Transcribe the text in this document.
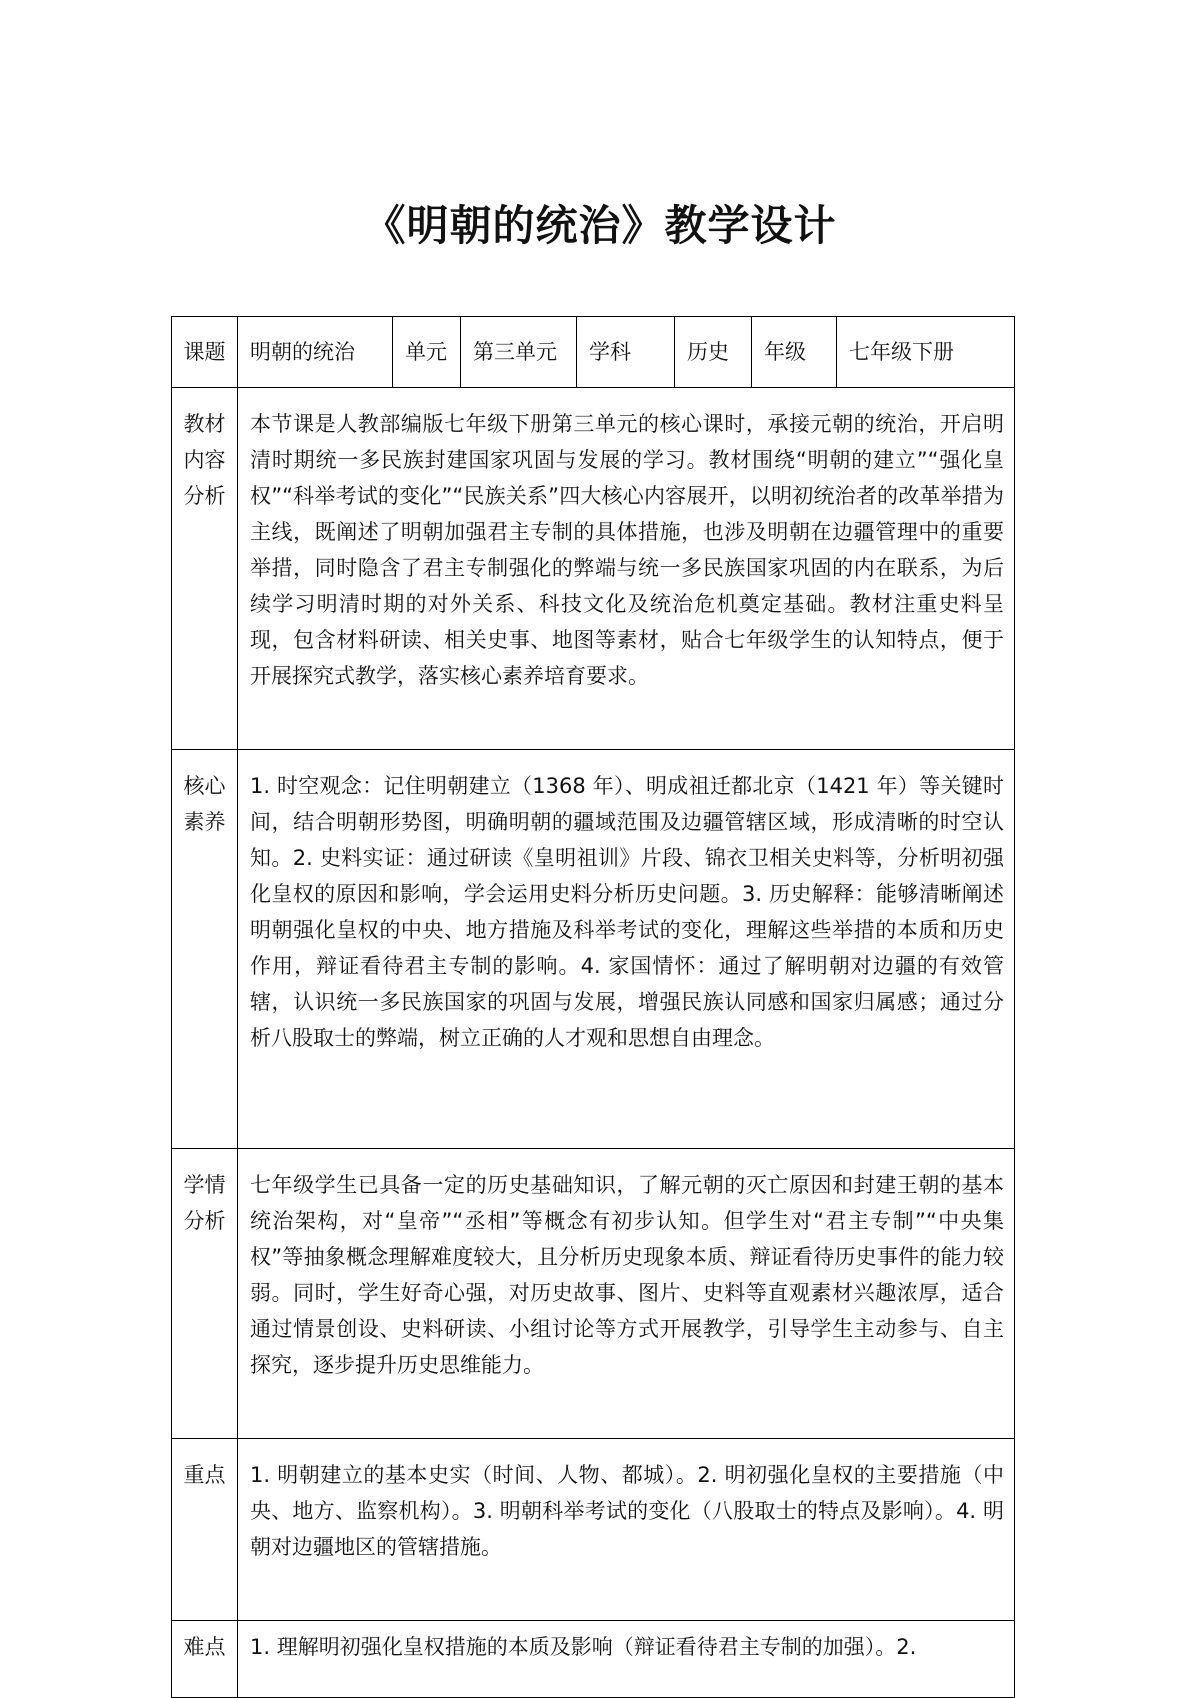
《明朝的统治》教学设计
课题	明朝的统治	单元	第三单元	学科	历史	年级	七年级下册
教材内容分析	本节课是人教部编版七年级下册第三单元的核心课时，承接元朝的统治，开启明清时期统一多民族封建国家巩固与发展的学习。教材围绕“明朝的建立”“强化皇权”“科举考试的变化”“民族关系”四大核心内容展开，以明初统治者的改革举措为主线，既阐述了明朝加强君主专制的具体措施，也涉及明朝在边疆管理中的重要举措，同时隐含了君主专制强化的弊端与统一多民族国家巩固的内在联系，为后续学习明清时期的对外关系、科技文化及统治危机奠定基础。教材注重史料呈现，包含材料研读、相关史事、地图等素材，贴合七年级学生的认知特点，便于开展探究式教学，落实核心素养培育要求。						

核心素养	1. 时空观念：记住明朝建立（1368 年）、明成祖迁都北京（1421 年）等关键时间，结合明朝形势图，明确明朝的疆域范围及边疆管辖区域，形成清晰的时空认知。2. 史料实证：通过研读《皇明祖训》片段、锦衣卫相关史料等，分析明初强化皇权的原因和影响，学会运用史料分析历史问题。3. 历史解释：能够清晰阐述明朝强化皇权的中央、地方措施及科举考试的变化，理解这些举措的本质和历史作用，辩证看待君主专制的影响。4. 家国情怀：通过了解明朝对边疆的有效管辖，认识统一多民族国家的巩固与发展，增强民族认同感和国家归属感；通过分析八股取士的弊端，树立正确的人才观和思想自由理念。						

学情分析	七年级学生已具备一定的历史基础知识，了解元朝的灭亡原因和封建王朝的基本统治架构，对“皇帝”“丞相”等概念有初步认知。但学生对“君主专制”“中央集权”等抽象概念理解难度较大，且分析历史现象本质、辩证看待历史事件的能力较弱。同时，学生好奇心强，对历史故事、图片、史料等直观素材兴趣浓厚，适合通过情景创设、史料研读、小组讨论等方式开展教学，引导学生主动参与、自主探究，逐步提升历史思维能力。						

重点	1. 明朝建立的基本史实（时间、人物、都城）。2. 明初强化皇权的主要措施（中央、地方、监察机构）。3. 明朝科举考试的变化（八股取士的特点及影响）。4. 明朝对边疆地区的管辖措施。						

难点	1. 理解明初强化皇权措施的本质及影响（辩证看待君主专制的加强）。2.						
